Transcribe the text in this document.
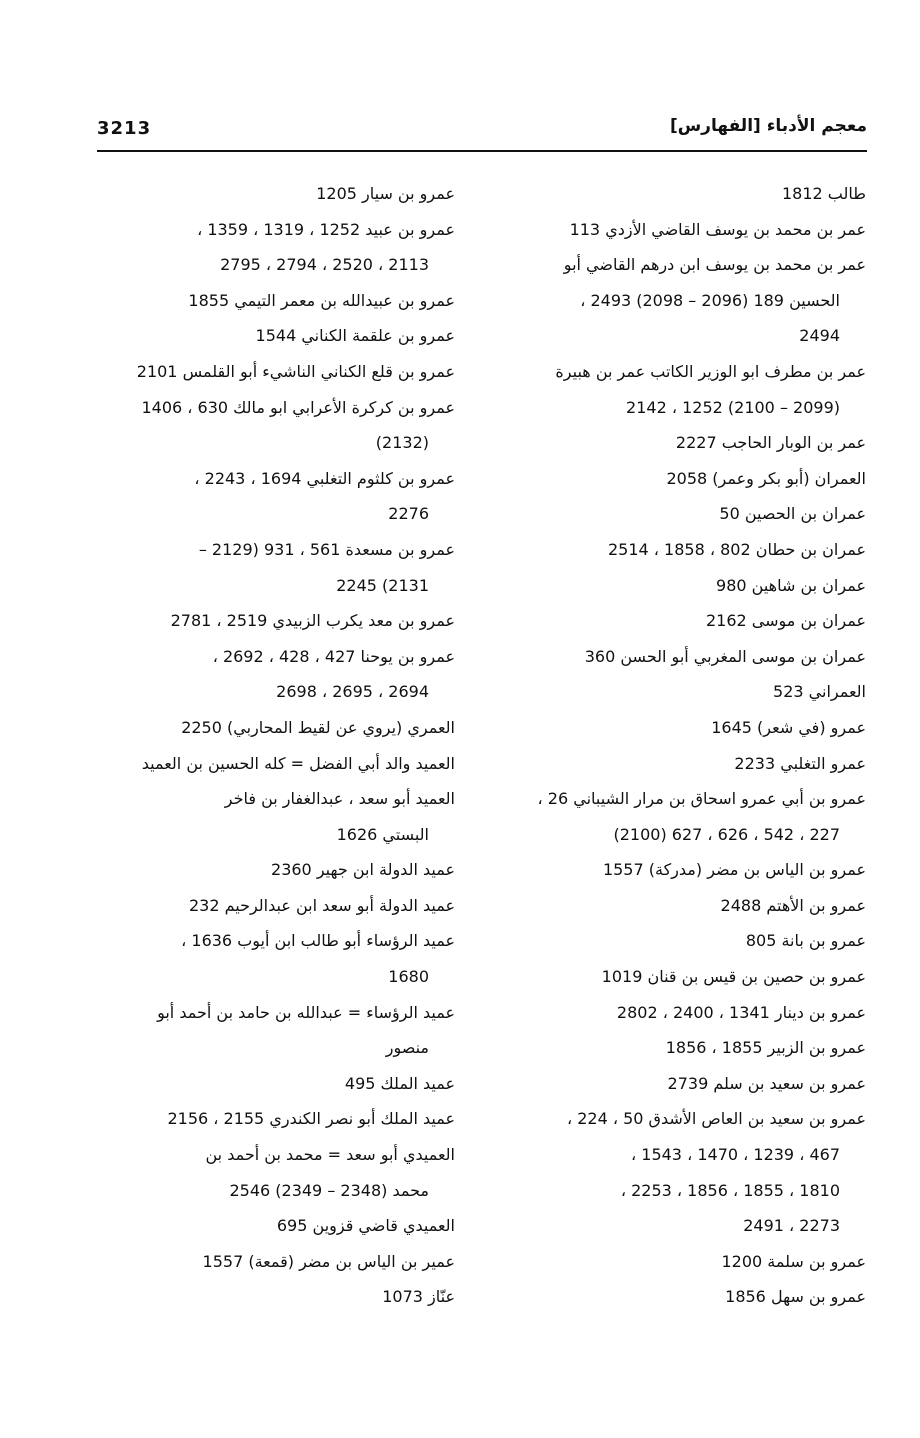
3213	معجم الأدباء [الفهارس]
طالب 1812
عمر بن محمد بن يوسف القاضي الأزدي 113
عمر بن محمد بن يوسف ابن درهم القاضي أبو
الحسين 189 (2096 – 2098) 2493 ،
2494
عمر بن مطرف ابو الوزير الكاتب عمر بن هبيرة
(2099 – 2100) 1252 ، 2142
عمر بن الوبار الحاجب 2227
العمران (أبو بكر وعمر) 2058
عمران بن الحصين 50
عمران بن حطان 802 ، 1858 ، 2514
عمران بن شاهين 980
عمران بن موسى 2162
عمران بن موسى المغربي أبو الحسن 360
العمراني 523
عمرو (في شعر) 1645
عمرو التغلبي 2233
عمرو بن أبي عمرو اسحاق بن مرار الشيباني 26 ،
227 ، 542 ، 626 ، 627 (2100)
عمرو بن الياس بن مضر (مدركة) 1557
عمرو بن الأهتم 2488
عمرو بن بانة 805
عمرو بن حصين بن قيس بن قنان 1019
عمرو بن دينار 1341 ، 2400 ، 2802
عمرو بن الزبير 1855 ، 1856
عمرو بن سعيد بن سلم 2739
عمرو بن سعيد بن العاص الأشدق 50 ، 224 ،
467 ، 1239 ، 1470 ، 1543 ،
1810 ، 1855 ، 1856 ، 2253 ،
2273 ، 2491
عمرو بن سلمة 1200
عمرو بن سهل 1856
عمرو بن سيار 1205
عمرو بن عبيد 1252 ، 1319 ، 1359 ،
2113 ، 2520 ، 2794 ، 2795
عمرو بن عبيدالله بن معمر التيمي 1855
عمرو بن علقمة الكناني 1544
عمرو بن قلع الكناني الناشيء أبو القلمس 2101
عمرو بن كركرة الأعرابي ابو مالك 630 ، 1406
(2132)
عمرو بن كلثوم التغلبي 1694 ، 2243 ،
2276
عمرو بن مسعدة 561 ، 931 (2129 –
2131) 2245
عمرو بن معد يكرب الزبيدي 2519 ، 2781
عمرو بن يوحنا 427 ، 428 ، 2692 ،
2694 ، 2695 ، 2698
العمري (يروي عن لقيط المحاربي) 2250
العميد والد أبي الفضل = كله الحسين بن العميد
العميد أبو سعد ، عبدالغفار بن فاخر
البستي 1626
عميد الدولة ابن جهير 2360
عميد الدولة أبو سعد ابن عبدالرحيم 232
عميد الرؤساء أبو طالب ابن أيوب 1636 ،
1680
عميد الرؤساء = عبدالله بن حامد بن أحمد أبو
منصور
عميد الملك 495
عميد الملك أبو نصر الكندري 2155 ، 2156
العميدي أبو سعد = محمد بن أحمد بن
محمد (2348 – 2349) 2546
العميدي قاضي قزوين 695
عمير بن الياس بن مضر (قمعة) 1557
عنّاز 1073
